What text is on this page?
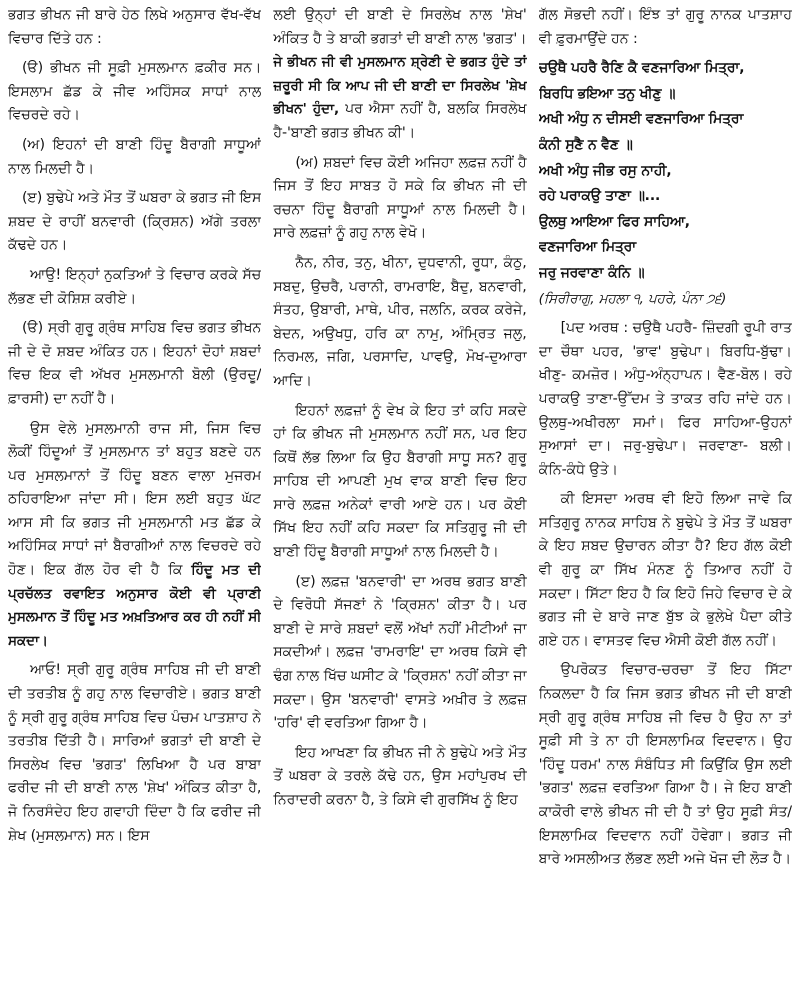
ਭਗਤ ਭੀਖਨ ਜੀ ਬਾਰੇ ਹੇਠ ਲਿਖੇ ਅਨੁਸਾਰ ਵੱਖ-ਵੱਖ ਵਿਚਾਰ ਦਿੱਤੇ ਹਨ :

(ੳ) ਭੀਖਨ ਜੀ ਸੂਫ਼ੀ ਮੁਸਲਮਾਨ ਫ਼ਕੀਰ ਸਨ। ਇਸਲਾਮ ਛੱਡ ਕੇ ਜੀਵ ਅਹਿੰਸਕ ਸਾਧਾਂ ਨਾਲ ਵਿਚਰਦੇ ਰਹੇ।

(ਅ) ਇਹਨਾਂ ਦੀ ਬਾਣੀ ਹਿੰਦੂ ਬੈਰਾਗੀ ਸਾਧੂਆਂ ਨਾਲ ਮਿਲਦੀ ਹੈ।

(ੲ) ਬੁਢੇਪੇ ਅਤੇ ਮੌਤ ਤੋਂ ਘਬਰਾ ਕੇ ਭਗਤ ਜੀ ਇਸ ਸ਼ਬਦ ਦੇ ਰਾਹੀਂ ਬਨਵਾਰੀ (ਕ੍ਰਿਸ਼ਨ) ਅੱਗੇ ਤਰਲਾ ਕੱਢਦੇ ਹਨ।

ਆਉ! ਇਨ੍ਹਾਂ ਨੁਕਤਿਆਂ ਤੇ ਵਿਚਾਰ ਕਰਕੇ ਸੱਚ ਲੱਭਣ ਦੀ ਕੋਸ਼ਿਸ਼ ਕਰੀਏ।

(ੳ) ਸ੍ਰੀ ਗੁਰੂ ਗ੍ਰੰਥ ਸਾਹਿਬ ਵਿਚ ਭਗਤ ਭੀਖਨ ਜੀ ਦੇ ਦੋ ਸ਼ਬਦ ਅੰਕਿਤ ਹਨ। ਇਹਨਾਂ ਦੋਹਾਂ ਸ਼ਬਦਾਂ ਵਿਚ ਇਕ ਵੀ ਅੱਖਰ ਮੁਸਲਮਾਨੀ ਬੋਲੀ (ਉਰਦੂ/ਫ਼ਾਰਸੀ) ਦਾ ਨਹੀਂ ਹੈ।

ਉਸ ਵੇਲੇ ਮੁਸਲਮਾਨੀ ਰਾਜ ਸੀ, ਜਿਸ ਵਿਚ ਲੋਕੀਂ ਹਿੰਦੂਆਂ ਤੋਂ ਮੁਸਲਮਾਨ ਤਾਂ ਬਹੁਤ ਬਣਦੇ ਹਨ ਪਰ ਮੁਸਲਮਾਨਾਂ ਤੋਂ ਹਿੰਦੂ ਬਣਨ ਵਾਲਾ ਮੁਜਰਮ ਠਹਿਰਾਇਆ ਜਾਂਦਾ ਸੀ। ਇਸ ਲਈ ਬਹੁਤ ਘੱਟ ਆਸ ਸੀ ਕਿ ਭਗਤ ਜੀ ਮੁਸਲਮਾਨੀ ਮਤ ਛੱਡ ਕੇ ਅਹਿੰਸਿਕ ਸਾਧਾਂ ਜਾਂ ਬੈਰਾਗੀਆਂ ਨਾਲ ਵਿਚਰਦੇ ਰਹੇ ਹੋਣ। ਇਕ ਗੱਲ ਹੋਰ ਵੀ ਹੈ ਕਿ ਹਿੰਦੂ ਮਤ ਦੀ ਪ੍ਰਚੱਲਤ ਰਵਾਇਤ ਅਨੁਸਾਰ ਕੋਈ ਵੀ ਪ੍ਰਾਣੀ ਮੁਸਲਮਾਨ ਤੋਂ ਹਿੰਦੂ ਮਤ ਅਖ਼ਤਿਆਰ ਕਰ ਹੀ ਨਹੀਂ ਸੀ ਸਕਦਾ।

ਆਓ! ਸ੍ਰੀ ਗੁਰੂ ਗ੍ਰੰਥ ਸਾਹਿਬ ਜੀ ਦੀ ਬਾਣੀ ਦੀ ਤਰਤੀਬ ਨੂੰ ਗਹੁ ਨਾਲ ਵਿਚਾਰੀਏ। ਭਗਤ ਬਾਣੀ ਨੂੰ ਸ੍ਰੀ ਗੁਰੂ ਗ੍ਰੰਥ ਸਾਹਿਬ ਵਿਚ ਪੰਚਮ ਪਾਤਸ਼ਾਹ ਨੇ ਤਰਤੀਬ ਦਿੱਤੀ ਹੈ। ਸਾਰਿਆਂ ਭਗਤਾਂ ਦੀ ਬਾਣੀ ਦੇ ਸਿਰਲੇਖ ਵਿਚ 'ਭਗਤ' ਲਿਖਿਆ ਹੈ ਪਰ ਬਾਬਾ ਫਰੀਦ ਜੀ ਦੀ ਬਾਣੀ ਨਾਲ 'ਸ਼ੇਖ' ਅੰਕਿਤ ਕੀਤਾ ਹੈ, ਜੋ ਨਿਰਸੰਦੇਹ ਇਹ ਗਵਾਹੀ ਦਿੰਦਾ ਹੈ ਕਿ ਫਰੀਦ ਜੀ ਸ਼ੇਖ (ਮੁਸਲਮਾਨ) ਸਨ। ਇਸ

ਲਈ ਉਨ੍ਹਾਂ ਦੀ ਬਾਣੀ ਦੇ ਸਿਰਲੇਖ ਨਾਲ 'ਸ਼ੇਖ' ਅੰਕਿਤ ਹੈ ਤੇ ਬਾਕੀ ਭਗਤਾਂ ਦੀ ਬਾਣੀ ਨਾਲ 'ਭਗਤ'। ਜੇ ਭੀਖਨ ਜੀ ਵੀ ਮੁਸਲਮਾਨ ਸ਼੍ਰੇਣੀ ਦੇ ਭਗਤ ਹੁੰਦੇ ਤਾਂ ਜ਼ਰੂਰੀ ਸੀ ਕਿ ਆਪ ਜੀ ਦੀ ਬਾਣੀ ਦਾ ਸਿਰਲੇਖ 'ਸ਼ੇਖ ਭੀਖਨ' ਹੁੰਦਾ, ਪਰ ਐਸਾ ਨਹੀਂ ਹੈ, ਬਲਕਿ ਸਿਰਲੇਖ ਹੈ-'ਬਾਣੀ ਭਗਤ ਭੀਖਨ ਕੀ'।

(ਅ) ਸ਼ਬਦਾਂ ਵਿਚ ਕੋਈ ਅਜਿਹਾ ਲਫ਼ਜ਼ ਨਹੀਂ ਹੈ ਜਿਸ ਤੋਂ ਇਹ ਸਾਬਤ ਹੋ ਸਕੇ ਕਿ ਭੀਖਨ ਜੀ ਦੀ ਰਚਨਾ ਹਿੰਦੂ ਬੈਰਾਗੀ ਸਾਧੂਆਂ ਨਾਲ ਮਿਲਦੀ ਹੈ। ਸਾਰੇ ਲਫ਼ਜ਼ਾਂ ਨੂੰ ਗਹੁ ਨਾਲ ਵੇਖੋ।

ਨੈਨ, ਨੀਰ, ਤਨੁ, ਖੀਨਾ, ਦੁਧਵਾਨੀ, ਰੂਧਾ, ਕੰਠੁ, ਸਬਦੁ, ਉਚਰੈ, ਪਰਾਨੀ, ਰਾਮਰਾਇ, ਬੈਦੁ, ਬਨਵਾਰੀ, ਸੰਤਹ, ਉਬਾਰੀ, ਮਾਥੇ, ਪੀਰ, ਜਲਨਿ, ਕਰਕ ਕਰੇਜੇ, ਬੇਦਨ, ਅਉਖਧੁ, ਹਰਿ ਕਾ ਨਾਮੁ, ਅੰਮ੍ਰਿਤ ਜਲੁ, ਨਿਰਮਲ, ਜਗਿ, ਪਰਸਾਦਿ, ਪਾਵਉ, ਮੋਖ-ਦੁਆਰਾ ਆਦਿ।

ਇਹਨਾਂ ਲਫ਼ਜ਼ਾਂ ਨੂੰ ਵੇਖ ਕੇ ਇਹ ਤਾਂ ਕਹਿ ਸਕਦੇ ਹਾਂ ਕਿ ਭੀਖਨ ਜੀ ਮੁਸਲਮਾਨ ਨਹੀਂ ਸਨ, ਪਰ ਇਹ ਕਿਥੋਂ ਲੱਭ ਲਿਆ ਕਿ ਉਹ ਬੈਰਾਗੀ ਸਾਧੂ ਸਨ? ਗੁਰੂ ਸਾਹਿਬ ਦੀ ਆਪਣੀ ਮੁਖ ਵਾਕ ਬਾਣੀ ਵਿਚ ਇਹ ਸਾਰੇ ਲਫ਼ਜ਼ ਅਨੇਕਾਂ ਵਾਰੀ ਆਏ ਹਨ। ਪਰ ਕੋਈ ਸਿੱਖ ਇਹ ਨਹੀਂ ਕਹਿ ਸਕਦਾ ਕਿ ਸਤਿਗੁਰੂ ਜੀ ਦੀ ਬਾਣੀ ਹਿੰਦੂ ਬੈਰਾਗੀ ਸਾਧੂਆਂ ਨਾਲ ਮਿਲਦੀ ਹੈ।

(ੲ) ਲਫ਼ਜ਼ 'ਬਨਵਾਰੀ' ਦਾ ਅਰਥ ਭਗਤ ਬਾਣੀ ਦੇ ਵਿਰੋਧੀ ਸੱਜਣਾਂ ਨੇ 'ਕ੍ਰਿਸ਼ਨ' ਕੀਤਾ ਹੈ। ਪਰ ਬਾਣੀ ਦੇ ਸਾਰੇ ਸ਼ਬਦਾਂ ਵਲੋਂ ਅੱਖਾਂ ਨਹੀਂ ਮੀਟੀਆਂ ਜਾ ਸਕਦੀਆਂ। ਲਫ਼ਜ਼ 'ਰਾਮਰਾਇ' ਦਾ ਅਰਥ ਕਿਸੇ ਵੀ ਢੰਗ ਨਾਲ ਖਿੱਚ ਘਸੀਟ ਕੇ 'ਕ੍ਰਿਸ਼ਨ' ਨਹੀਂ ਕੀਤਾ ਜਾ ਸਕਦਾ। ਉਸ 'ਬਨਵਾਰੀ' ਵਾਸਤੇ ਅਖ਼ੀਰ ਤੇ ਲਫ਼ਜ਼ 'ਹਰਿ' ਵੀ ਵਰਤਿਆ ਗਿਆ ਹੈ।

ਇਹ ਆਖਣਾ ਕਿ ਭੀਖਨ ਜੀ ਨੇ ਬੁਢੇਪੇ ਅਤੇ ਮੌਤ ਤੋਂ ਘਬਰਾ ਕੇ ਤਰਲੇ ਕੱਢੇ ਹਨ, ਉਸ ਮਹਾਂਪੁਰਖ ਦੀ ਨਿਰਾਦਰੀ ਕਰਨਾ ਹੈ, ਤੇ ਕਿਸੇ ਵੀ ਗੁਰਸਿੱਖ ਨੂੰ ਇਹ

ਗੱਲ ਸੋਭਦੀ ਨਹੀਂ। ਇੰਝ ਤਾਂ ਗੁਰੂ ਨਾਨਕ ਪਾਤਸ਼ਾਹ ਵੀ ਫ਼ੁਰਮਾਉਂਦੇ ਹਨ :

ਚਉਥੈ ਪਹਰੈ ਰੈਣਿ ਕੈ ਵਣਜਾਰਿਆ ਮਿਤ੍ਰਾ,

ਬਿਰਧਿ ਭਇਆ ਤਨੁ ਖੀਣੁ ॥

ਅਖੀ ਅੰਧੁ ਨ ਦੀਸਈ ਵਣਜਾਰਿਆ ਮਿਤ੍ਰਾ

ਕੰਨੀ ਸੁਣੈ ਨ ਵੈਣ ॥

ਅਖੀ ਅੰਧੁ ਜੀਭ ਰਸੁ ਨਾਹੀ,

ਰਹੇ ਪਰਾਕਉ ਤਾਣਾ ॥...

ਉਲਥੁ ਆਇਆ ਫਿਰ ਸਾਹਿਆ,

ਵਣਜਾਰਿਆ ਮਿਤ੍ਰਾ

ਜਰੁ ਜਰਵਾਣਾ ਕੰਨਿ ॥

(ਸਿਰੀਰਾਗੁ, ਮਹਲਾ ੧, ਪਹਰੇ, ਪੰਨਾ ੭੬)

[ਪਦ ਅਰਥ : ਚਉਥੈ ਪਹਰੈ- ਜ਼ਿੰਦਗੀ ਰੂਪੀ ਰਾਤ ਦਾ ਚੌਥਾ ਪਹਰ, 'ਭਾਵ' ਬੁਢੇਪਾ। ਬਿਰਧਿ-ਬੁੱਢਾ। ਖੀਣੁ- ਕਮਜ਼ੋਰ। ਅੰਧੁ-ਅੰਨ੍ਹਾਪਨ। ਵੈਣ-ਬੋਲ। ਰਹੇ ਪਰਾਕਉ ਤਾਣਾ-ਉੱਦਮ ਤੇ ਤਾਕਤ ਰਹਿ ਜਾਂਦੇ ਹਨ। ਉਲਥੁ-ਅਖੀਰਲਾ ਸਮਾਂ। ਫਿਰ ਸਾਹਿਆ-ਉਹਨਾਂ ਸੁਆਸਾਂ ਦਾ। ਜਰੁ-ਬੁਢੇਪਾ। ਜਰਵਾਣਾ- ਬਲੀ। ਕੰਨਿ-ਕੰਧੇ ਉਤੇ।

ਕੀ ਇਸਦਾ ਅਰਥ ਵੀ ਇਹੋ ਲਿਆ ਜਾਵੇ ਕਿ ਸਤਿਗੁਰੂ ਨਾਨਕ ਸਾਹਿਬ ਨੇ ਬੁਢੇਪੇ ਤੇ ਮੌਤ ਤੋਂ ਘਬਰਾ ਕੇ ਇਹ ਸ਼ਬਦ ਉਚਾਰਨ ਕੀਤਾ ਹੈ? ਇਹ ਗੱਲ ਕੋਈ ਵੀ ਗੁਰੂ ਕਾ ਸਿੱਖ ਮੰਨਣ ਨੂੰ ਤਿਆਰ ਨਹੀਂ ਹੋ ਸਕਦਾ। ਸਿੱਟਾ ਇਹ ਹੈ ਕਿ ਇਹੋ ਜਿਹੇ ਵਿਚਾਰ ਦੇ ਕੇ ਭਗਤ ਜੀ ਦੇ ਬਾਰੇ ਜਾਣ ਬੁੱਝ ਕੇ ਭੁਲੇਖੇ ਪੈਦਾ ਕੀਤੇ ਗਏ ਹਨ। ਵਾਸਤਵ ਵਿਚ ਐਸੀ ਕੋਈ ਗੱਲ ਨਹੀਂ।

ਉਪਰੋਕਤ ਵਿਚਾਰ-ਚਰਚਾ ਤੋਂ ਇਹ ਸਿੱਟਾ ਨਿਕਲਦਾ ਹੈ ਕਿ ਜਿਸ ਭਗਤ ਭੀਖਨ ਜੀ ਦੀ ਬਾਣੀ ਸ੍ਰੀ ਗੁਰੂ ਗ੍ਰੰਥ ਸਾਹਿਬ ਜੀ ਵਿਚ ਹੈ ਉਹ ਨਾ ਤਾਂ ਸੂਫ਼ੀ ਸੀ ਤੇ ਨਾ ਹੀ ਇਸਲਾਮਿਕ ਵਿਦਵਾਨ। ਉਹ 'ਹਿੰਦੂ ਧਰਮ' ਨਾਲ ਸੰਬੰਧਿਤ ਸੀ ਕਿਉਂਕਿ ਉਸ ਲਈ 'ਭਗਤ' ਲਫ਼ਜ਼ ਵਰਤਿਆ ਗਿਆ ਹੈ। ਜੇ ਇਹ ਬਾਣੀ ਕਾਕੋਰੀ ਵਾਲੇ ਭੀਖਨ ਜੀ ਦੀ ਹੈ ਤਾਂ ਉਹ ਸੂਫ਼ੀ ਸੰਤ/ਇਸਲਾਮਿਕ ਵਿਦਵਾਨ ਨਹੀਂ ਹੋਵੇਗਾ। ਭਗਤ ਜੀ ਬਾਰੇ ਅਸਲੀਅਤ ਲੱਭਣ ਲਈ ਅਜੇ ਖੋਜ ਦੀ ਲੋੜ ਹੈ।
